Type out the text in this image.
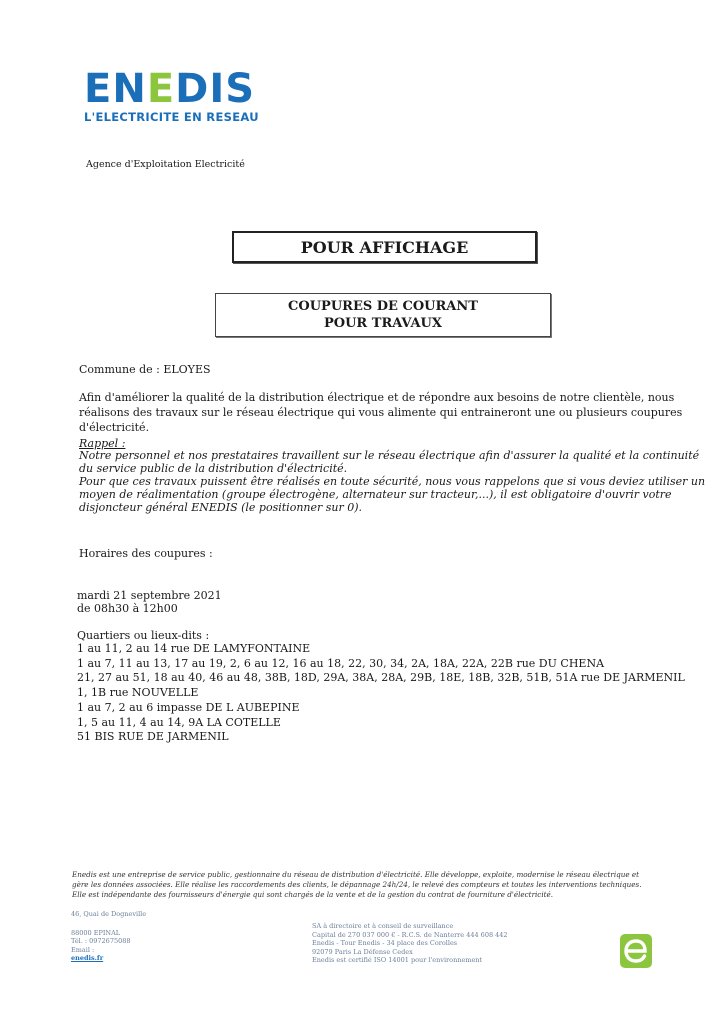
ENEDIS
L'ELECTRICITE EN RESEAU
Agence d'Exploitation Electricité
POUR AFFICHAGE
COUPURES DE COURANT
POUR TRAVAUX
Commune de : ELOYES
Afin d'améliorer la qualité de la distribution électrique et de répondre aux besoins de notre clientèle, nous réalisons des travaux sur le réseau électrique qui vous alimente qui entraineront une ou plusieurs coupures d'électricité.
Rappel :

Notre personnel et nos prestataires travaillent sur le réseau électrique afin d'assurer la qualité et la continuité du service public de la distribution d'électricité.

Pour que ces travaux puissent être réalisés en toute sécurité, nous vous rappelons que si vous deviez utiliser un moyen de réalimentation (groupe électrogène, alternateur sur tracteur,...), il est obligatoire d'ouvrir votre disjoncteur général ENEDIS (le positionner sur 0).

Horaires des coupures :
mardi 21 septembre 2021
de 08h30 à 12h00
Quartiers ou lieux-dits :
1 au 11, 2 au 14 rue DE LAMYFONTAINE
1 au 7, 11 au 13, 17 au 19, 2, 6 au 12, 16 au 18, 22, 30, 34, 2A, 18A, 22A, 22B rue DU CHENA
21, 27 au 51, 18 au 40, 46 au 48, 38B, 18D, 29A, 38A, 28A, 29B, 18E, 18B, 32B, 51B, 51A rue DE JARMENIL
1, 1B rue NOUVELLE
1 au 7, 2 au 6 impasse DE L AUBEPINE
1, 5 au 11, 4 au 14, 9A LA COTELLE
51 BIS RUE DE JARMENIL
Enedis est une entreprise de service public, gestionnaire du réseau de distribution d'électricité. Elle développe, exploite, modernise le réseau électrique et gère les données associées. Elle réalise les raccordements des clients, le dépannage 24h/24, le relevé des compteurs et toutes les interventions techniques. Elle est indépendante des fournisseurs d'énergie qui sont chargés de la vente et de la gestion du contrat de fourniture d'électricité.
46, Quai de Dogneville
88000 EPINAL
Tél. : 0972675088
Email :
enedis.fr
SA à directoire et à conseil de surveillance
Capital de 270 037 000 € - R.C.S. de Nanterre 444 608 442
Enedis - Tour Enedis - 34 place des Corolles
92079 Paris La Défense Cedex
Enedis est certifié ISO 14001 pour l'environnement
